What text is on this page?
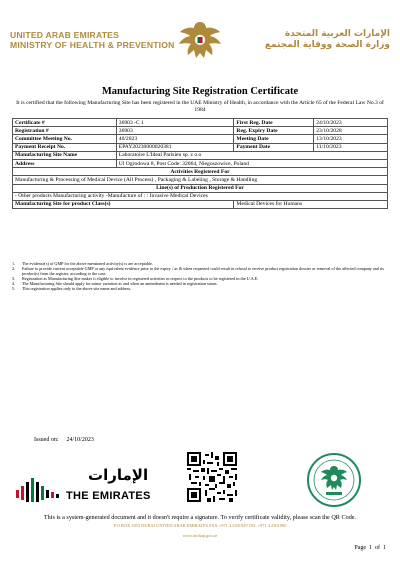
UNITED ARAB EMIRATES
MINISTRY OF HEALTH & PREVENTION
الإمارات العربية المتحدة
وزارة الصحة ووقاية المجتمع
Manufacturing Site Registration Certificate
It is certified that the following Manufacturing Site has been registered in the UAE Ministry of Health, in accordance with the Article 65 of the Federal Law No.3 of 1984
Certificate #	36903 -C 1	First Reg. Date	24/10/2023
Registration #	36903	Reg. Expiry Date	23/10/2028
Committee Meeting No.	40/2023	Meeting Date	13/10/2023
Payment Receipt No.	EPAY20230000020381	Payment Date	11/10/2023
Manufacturing Site Name	Laboratoire L'Ideal Parisien sp. z o.o		
Address	Ul Ogrodowa 8, Post Code: 32064, Niegoszowice, Poland		
Activities Registered For			
Manufacturing & Processing of Medical Device (All Process) , Packaging & Labeling , Storage & Handling			
Line(s) of Production Registered For			
- Other products Manufacturing activity -Manufacture of : : Invasive Medical Devices			
Manufacturing Site for product Class(s)		Medical Devices for Humans	
1.	The evidence(s) of GMP for the above mentioned activity(s) is are acceptable.
2.	Failure to provide current acceptable GMP or any equivalent evidence prior to the expiry / as & when requested could result in refusal to receive product registration dossier or removal of the affected company and its product(s) from the register, according to the case.
3.	Registration as Manufacturing Site makes it eligible to involve in registered activities in respect to the products to be registered in the U.A.E.
4.	The Manufacturing Site should apply for minor variation as and when an amendment is needed in registration status.
5.	This registration applies only to the above site name and address.
Issued on: 24/10/2023
الإمارات
THE EMIRATES
This is a system-generated document and it doesn't require a signature. To verify certificate validity, please scan the QR Code.
P.O BOX 1853 DUBAI UNITED ARAB EMIRATES FAX +971 4 2301929 TEL +971 4 2301000
www.mohap.gov.ae
Page 1 of 1
